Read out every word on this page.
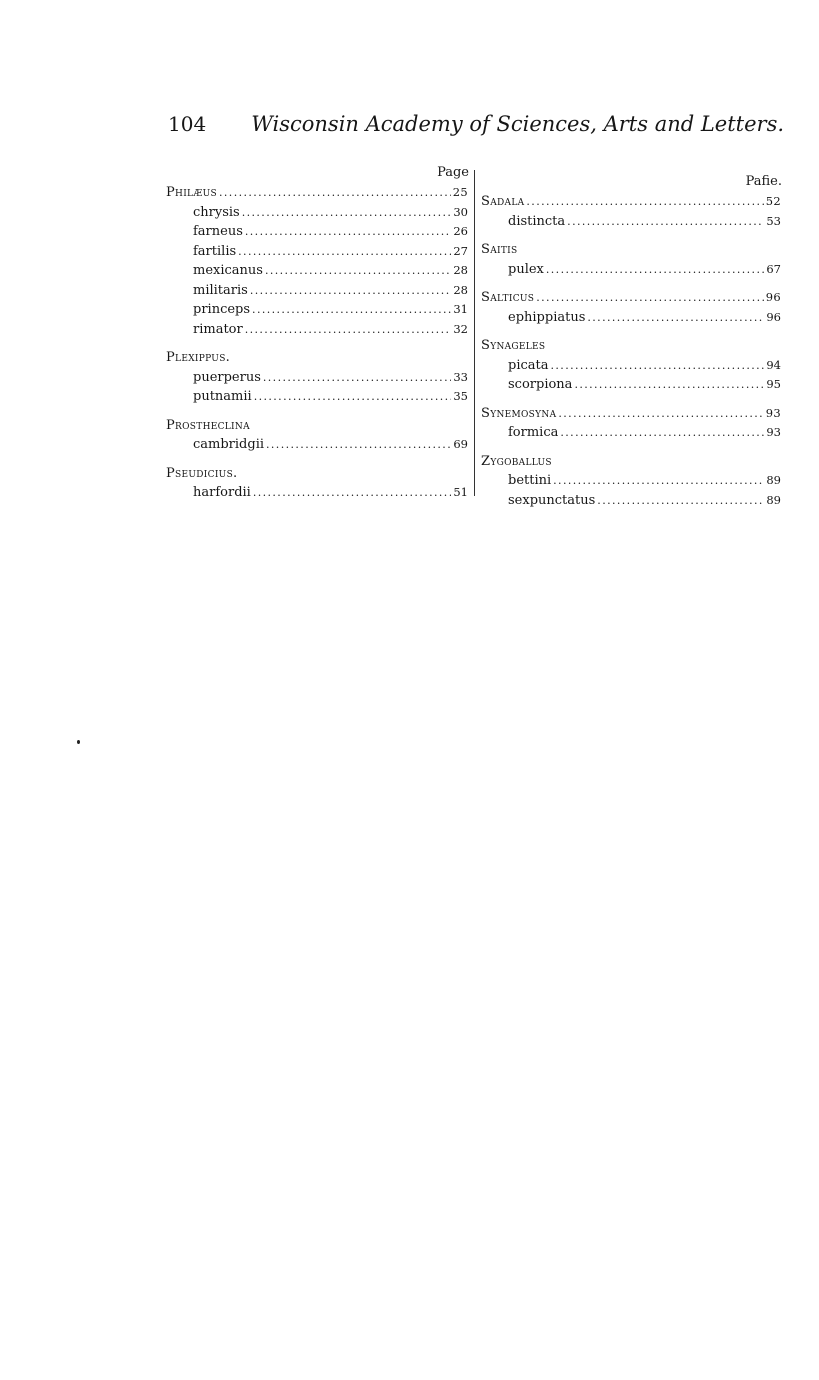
104 Wisconsin Academy of Sciences, Arts and Letters.
Page
Philæus .....	25
chrysis .....	30
farneus .....	26
fartilis .....	27
mexicanus .....	28
militaris .....	28
princeps .....	31
rimator .....	32
Plexippus.
puerperus .....	33
putnamii .....	35
Prostheclina
cambridgii .....	69
Pseudicius.
harfordii .....	51
Pafie.
Sadala .....	52
distincta .....	53
Saitis
pulex .....	67
Salticus .....	96
ephippiatus .....	96
Synageles
picata .....	94
scorpiona .....	95
Synemosyna .....	93
formica .....	93
Zygoballus
bettini .....	89
sexpunctatus .....	89
